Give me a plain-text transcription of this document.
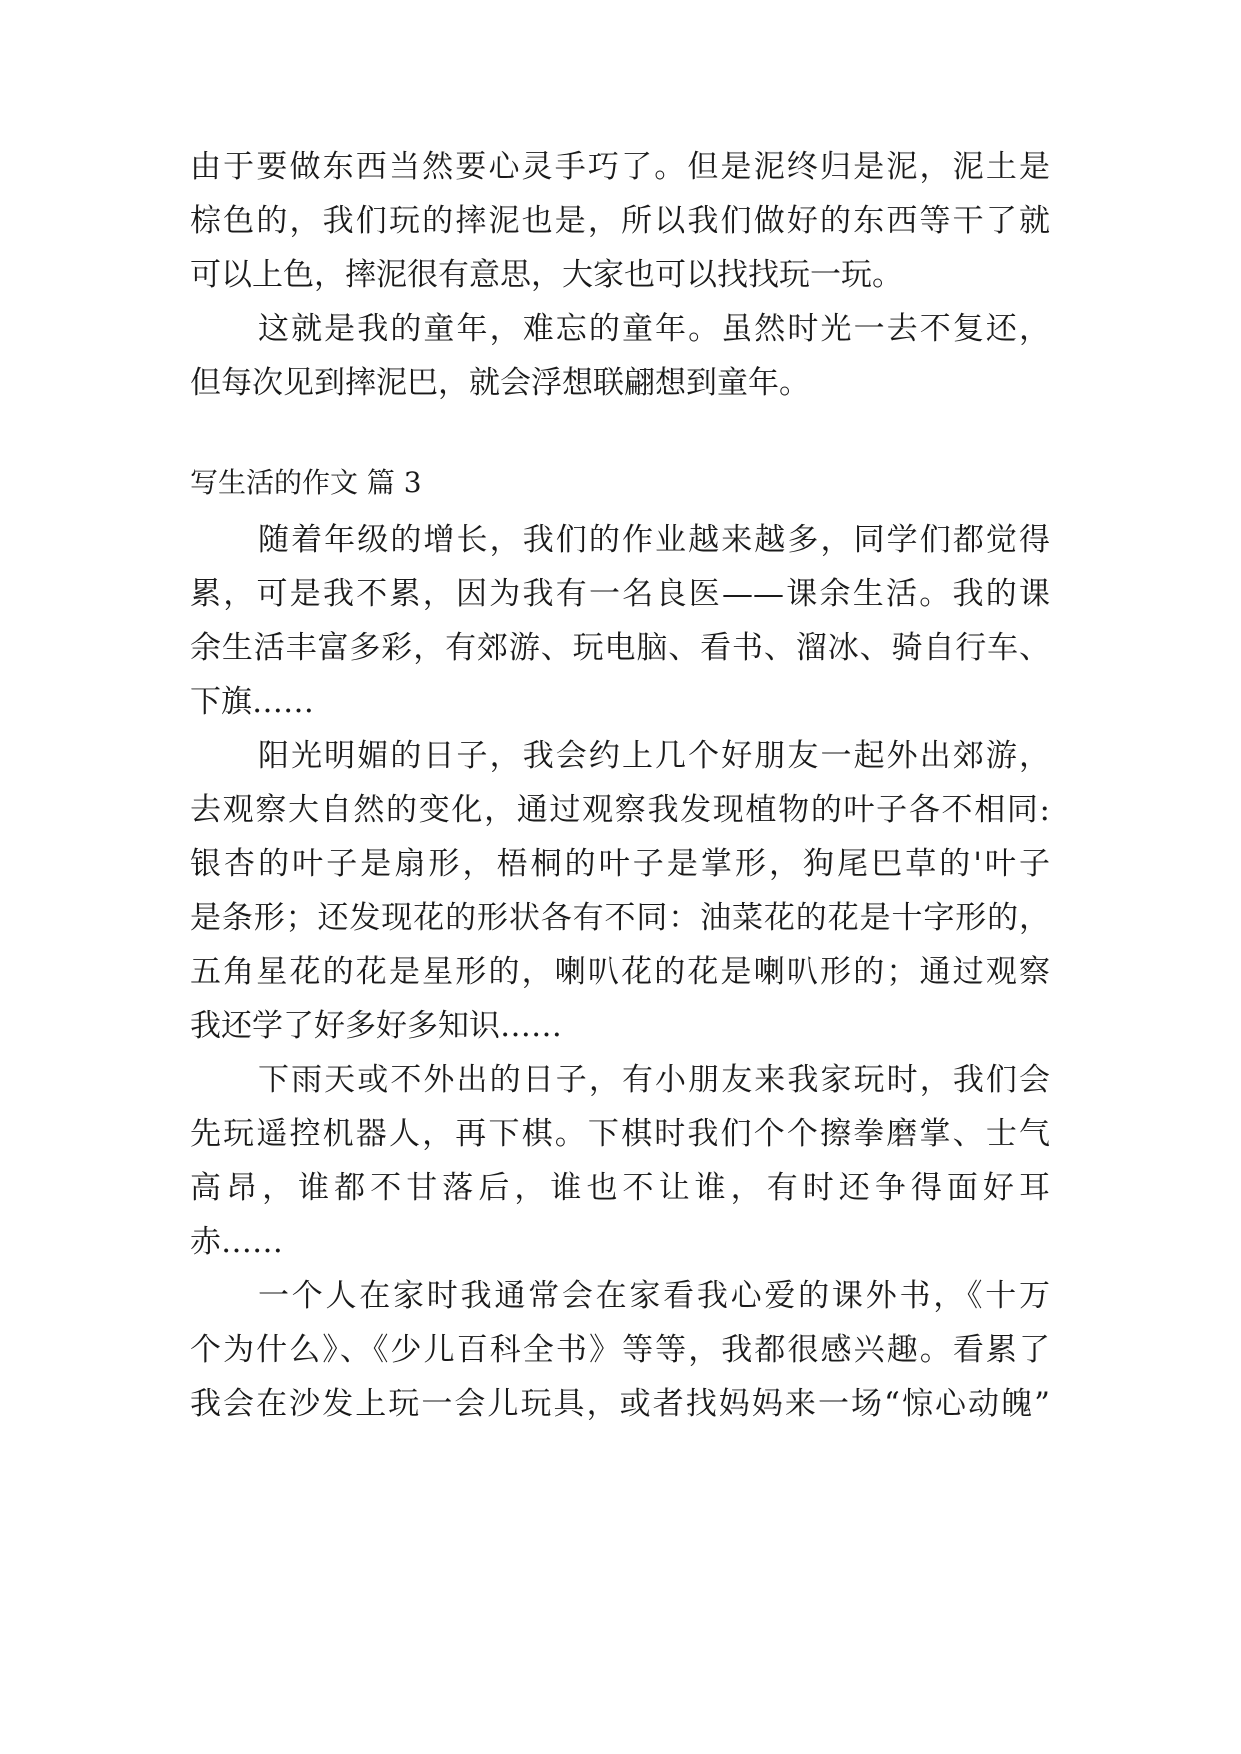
由于要做东西当然要心灵手巧了。但是泥终归是泥，泥土是
棕色的，我们玩的摔泥也是，所以我们做好的东西等干了就
可以上色，摔泥很有意思，大家也可以找找玩一玩。
这就是我的童年，难忘的童年。虽然时光一去不复还，
但每次见到摔泥巴，就会浮想联翩想到童年。
写生活的作文 篇 3
随着年级的增长，我们的作业越来越多，同学们都觉得
累，可是我不累，因为我有一名良医——课余生活。我的课
余生活丰富多彩，有郊游、玩电脑、看书、溜冰、骑自行车、
下旗……
阳光明媚的日子，我会约上几个好朋友一起外出郊游，
去观察大自然的变化，通过观察我发现植物的叶子各不相同:
银杏的叶子是扇形，梧桐的叶子是掌形，狗尾巴草的'叶子
是条形；还发现花的形状各有不同：油菜花的花是十字形的，
五角星花的花是星形的，喇叭花的花是喇叭形的；通过观察
我还学了好多好多知识……
下雨天或不外出的日子，有小朋友来我家玩时，我们会
先玩遥控机器人，再下棋。下棋时我们个个擦拳磨掌、士气
高昂，谁都不甘落后，谁也不让谁，有时还争得面好耳
赤……
一个人在家时我通常会在家看我心爱的课外书，《十万
个为什么》、《少儿百科全书》等等，我都很感兴趣。看累了
我会在沙发上玩一会儿玩具，或者找妈妈来一场“惊心动魄”
